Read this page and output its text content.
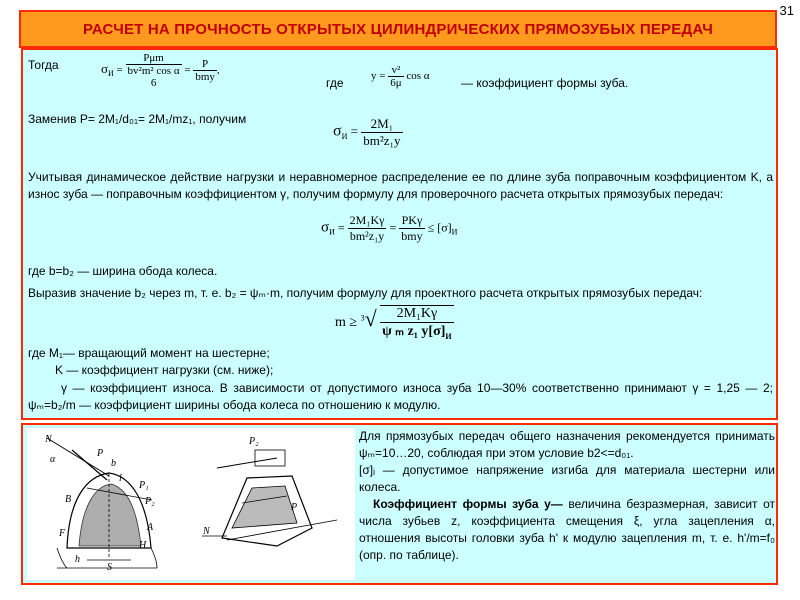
31
РАСЧЕТ НА ПРОЧНОСТЬ ОТКРЫТЫХ ЦИЛИНДРИЧЕСКИХ ПРЯМОЗУБЫХ ПЕРЕДАЧ
Тогда	$\sigma_И$ =
Pμm
bv²m² cos α
6
= $\frac{P}{\text{bmy}}$ ,
где $y = \frac{\text{v²}}{6\mu}$ cos α	— коэффициент формы зуба.
Заменив P= 2M₁/d₀₁= 2M₁/mz₁, получим
$\sigma_И = \frac{\text{2M₁}}{\text{bm²z₁y}}$
Учитывая динамическое действие нагрузки и неравномерное распределение ее по длине зуба поправочным коэффициентом K, а износ зуба — поправочным коэффициентом γ, получим формулу для проверочного расчета открытых прямозубых передач:
$\sigma_И = \frac{\text{2M₁Kγ}}{\text{bm²z₁y}} = \frac{\text{PKγ}}{\text{bmy}} \le [\sigma]_И$
где b=b₂ — ширина обода колеса.
Выразив значение b₂ через m, т. е. b₂ = ψₘ·m, получим формулу для проектного расчета открытых прямозубых передач:
$m \ge ^3√ \frac{\text{2M₁Kγ}}{\psi _m z_1 y[\sigma]_И}$
где M₁— вращающий момент на шестерне;
K — коэффициент нагрузки (см. ниже);
γ — коэффициент износа. В зависимости от допустимого износа зуба 10—30% соответственно принимают γ = 1,25 — 2; ψₘ=b₂/m — коэффициент ширины обода колеса по отношению к модулю.
N
α
P
b
l
P₁
P₂
B
F
A
H
h
N
S
P
P₂	Для прямозубых передач общего назначения рекомендуется принимать ψₘ=10…20, соблюдая при этом условие b2<=d₀₁.

[σ]ᵢ — допустимое напряжение изгиба для материала шестерни или колеса.

Коэффициент формы зуба y— величина безразмерная, зависит от числа зубьев z, коэффициента смещения ξ, угла зацепления α, отношения высоты головки зуба h' к модулю зацепления m, т. е. h'/m=f₀ (опр. по таблице).
